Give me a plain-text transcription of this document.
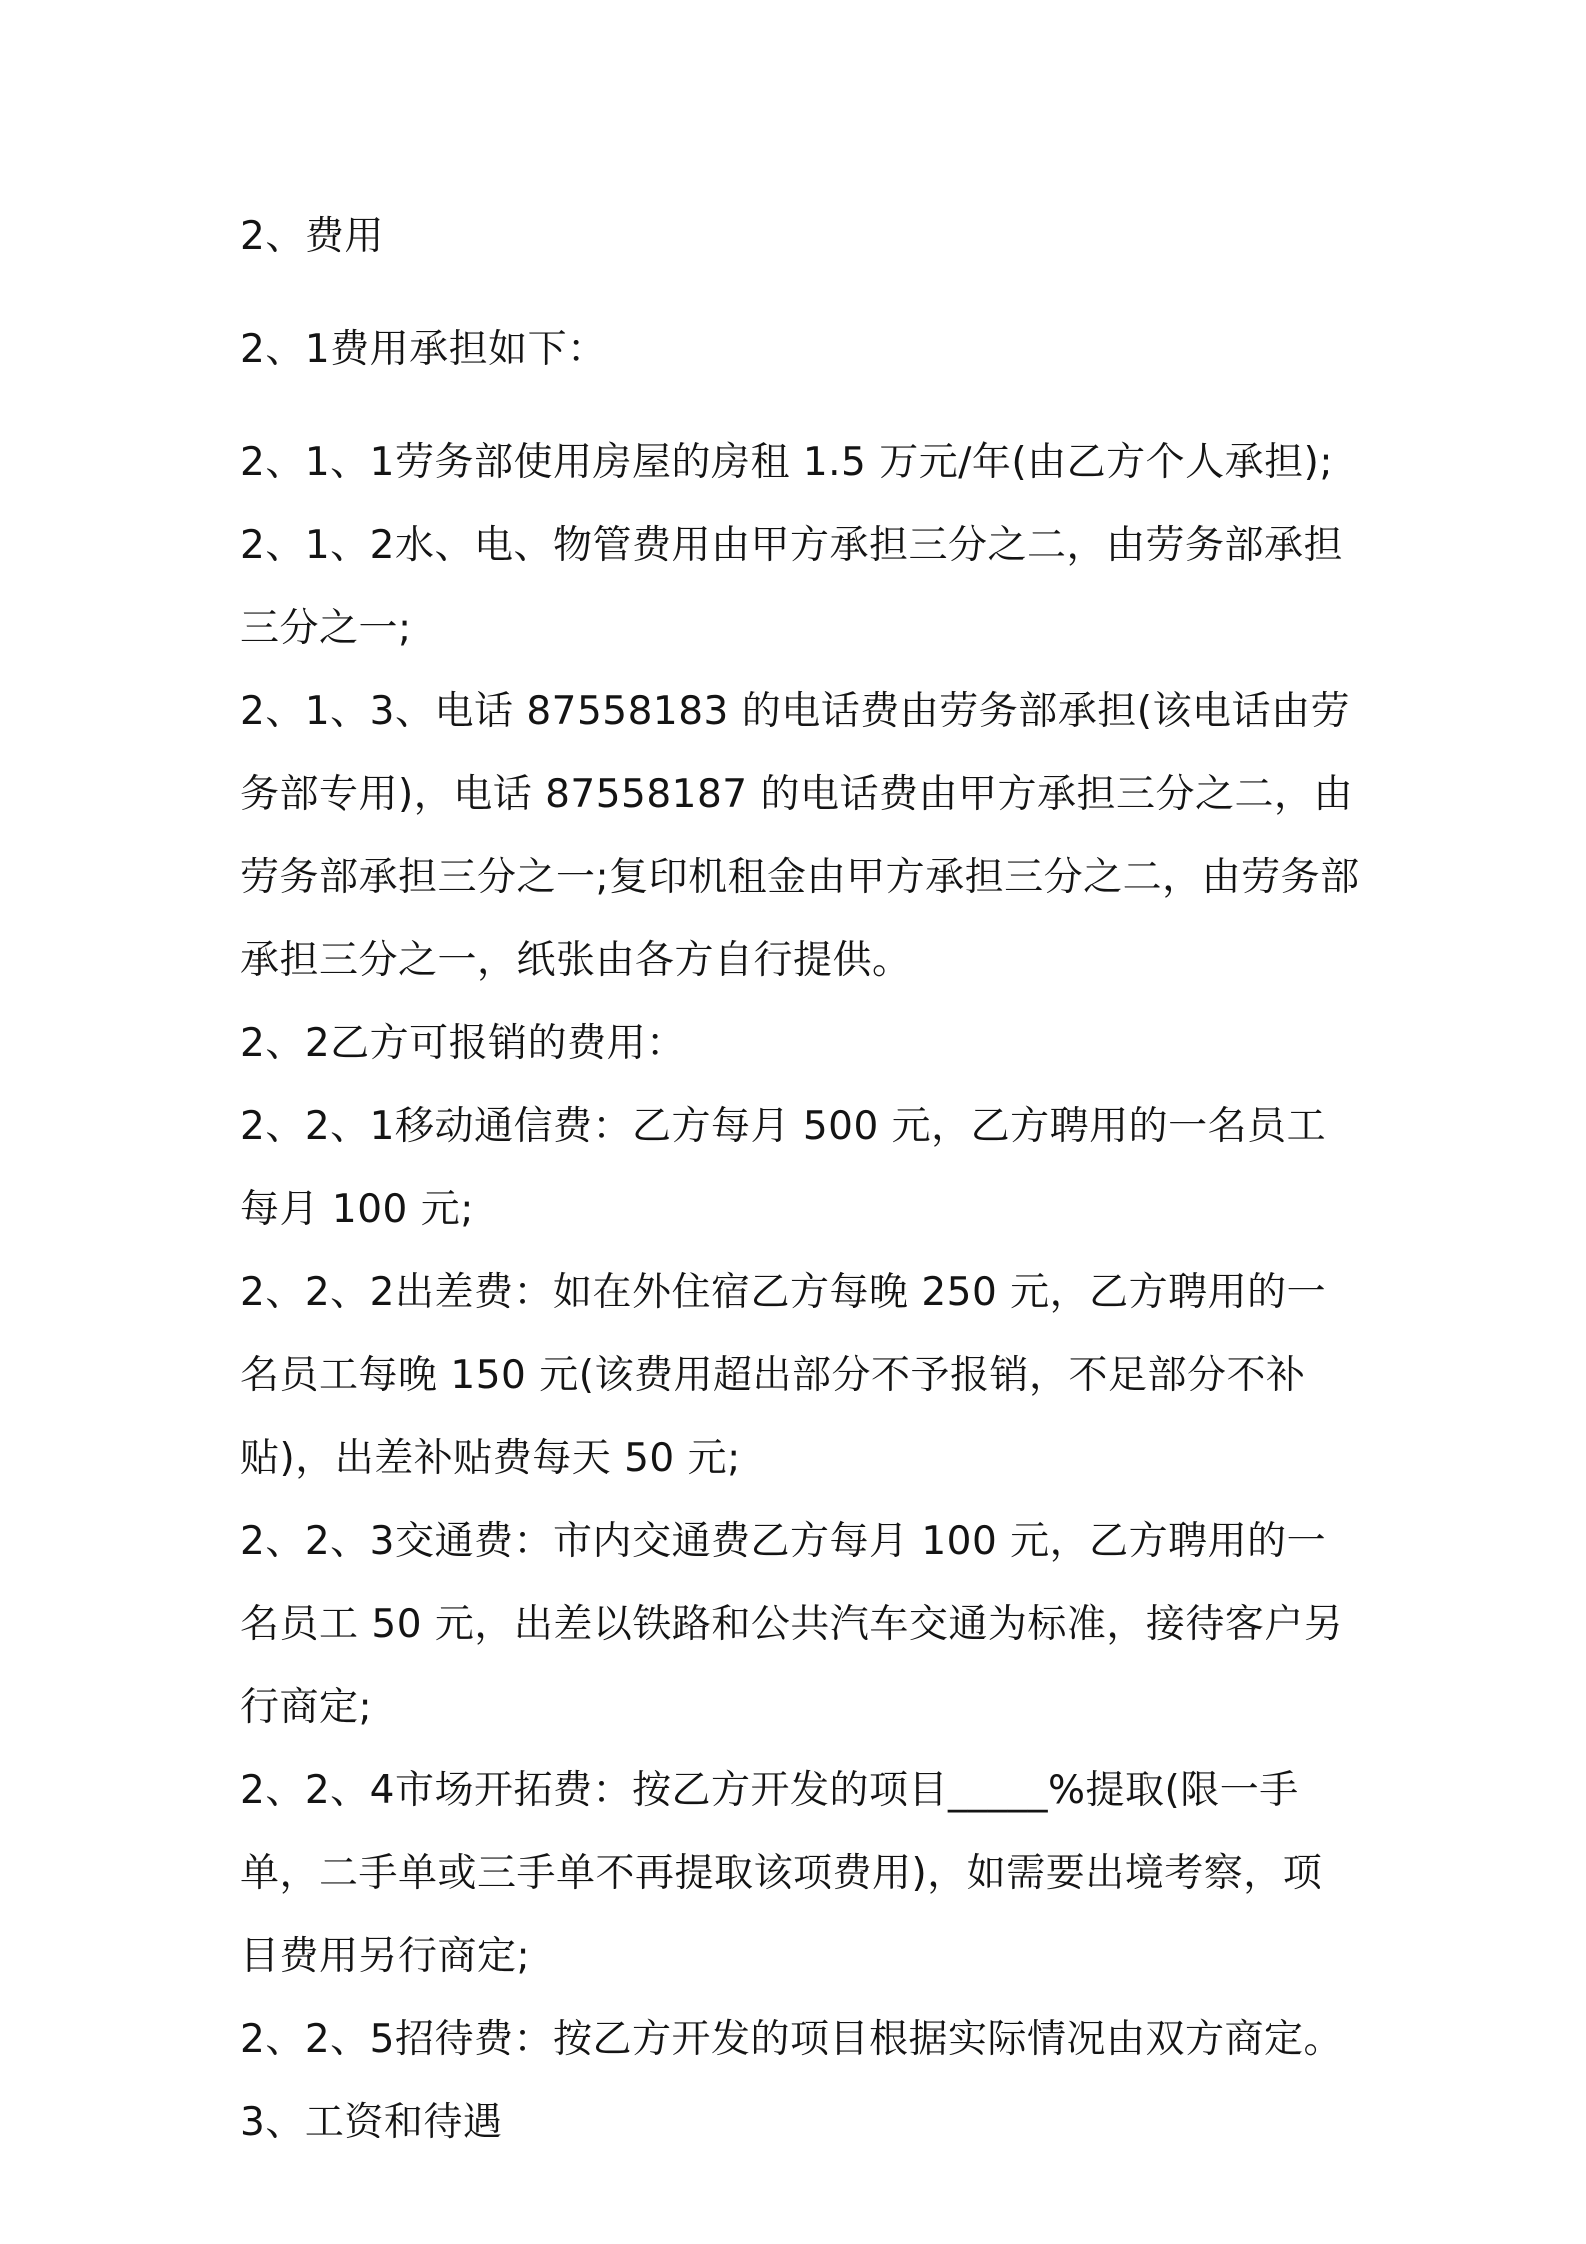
2、费用

2、1费用承担如下：

2、1、1劳务部使用房屋的房租 1.5 万元/年(由乙方个人承担);

2、1、2水、电、物管费用由甲方承担三分之二，由劳务部承担三分之一;

2、1、3、电话 87558183 的电话费由劳务部承担(该电话由劳务部专用)，电话 87558187 的电话费由甲方承担三分之二，由劳务部承担三分之一;复印机租金由甲方承担三分之二，由劳务部承担三分之一，纸张由各方自行提供。

2、2乙方可报销的费用：

2、2、1移动通信费：乙方每月 500 元，乙方聘用的一名员工每月 100 元;

2、2、2出差费：如在外住宿乙方每晚 250 元，乙方聘用的一名员工每晚 150 元(该费用超出部分不予报销，不足部分不补贴)，出差补贴费每天 50 元;

2、2、3交通费：市内交通费乙方每月 100 元，乙方聘用的一名员工 50 元，出差以铁路和公共汽车交通为标准，接待客户另行商定;

2、2、4市场开拓费：按乙方开发的项目_____%提取(限一手单，二手单或三手单不再提取该项费用)，如需要出境考察，项目费用另行商定;

2、2、5招待费：按乙方开发的项目根据实际情况由双方商定。

3、工资和待遇
